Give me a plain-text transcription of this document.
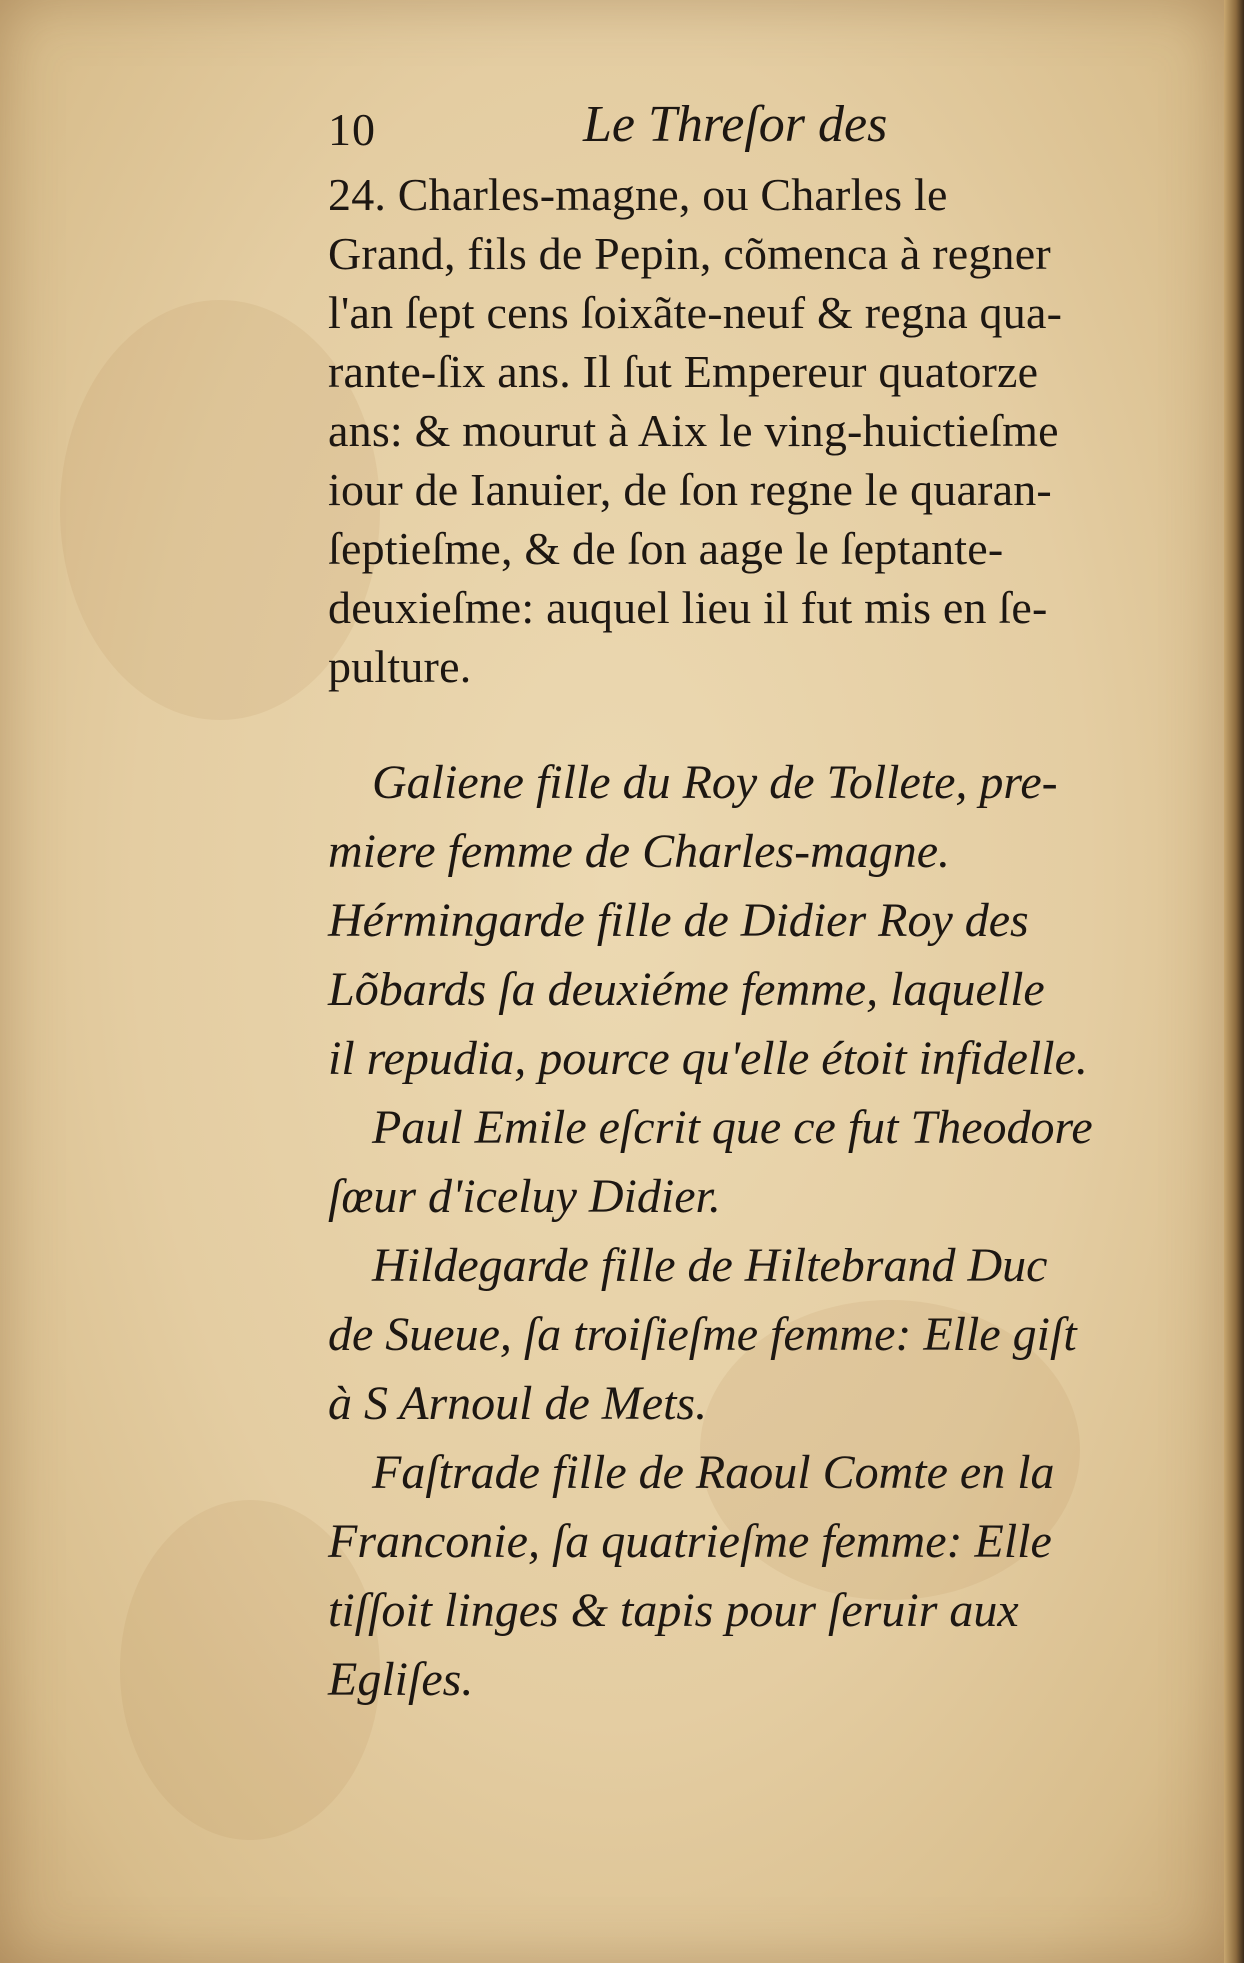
10	Le Threſor des
24. Charles-magne, ou Charles le
Grand, fils de Pepin, cõmenca à regner
l'an ſept cens ſoixãte-neuf & regna qua-
rante-ſix ans. Il ſut Empereur quatorze
ans: & mourut à Aix le ving-huictieſme
iour de Ianuier, de ſon regne le quaran-
ſeptieſme, & de ſon aage le ſeptante-
deuxieſme: auquel lieu il fut mis en ſe-
pulture.
Galiene fille du Roy de Tollete, pre-
miere femme de Charles-magne.
Hérmingarde fille de Didier Roy des
Lõbards ſa deuxiéme femme, laquelle
il repudia, pource qu'elle étoit infidelle.
Paul Emile eſcrit que ce fut Theodore
ſœur d'iceluy Didier.
Hildegarde fille de Hiltebrand Duc
de Sueue, ſa troiſieſme femme: Elle giſt
à S Arnoul de Mets.
Faſtrade fille de Raoul Comte en la
Franconie, ſa quatrieſme femme: Elle
tiſſoit linges & tapis pour ſeruir aux
Egliſes.
